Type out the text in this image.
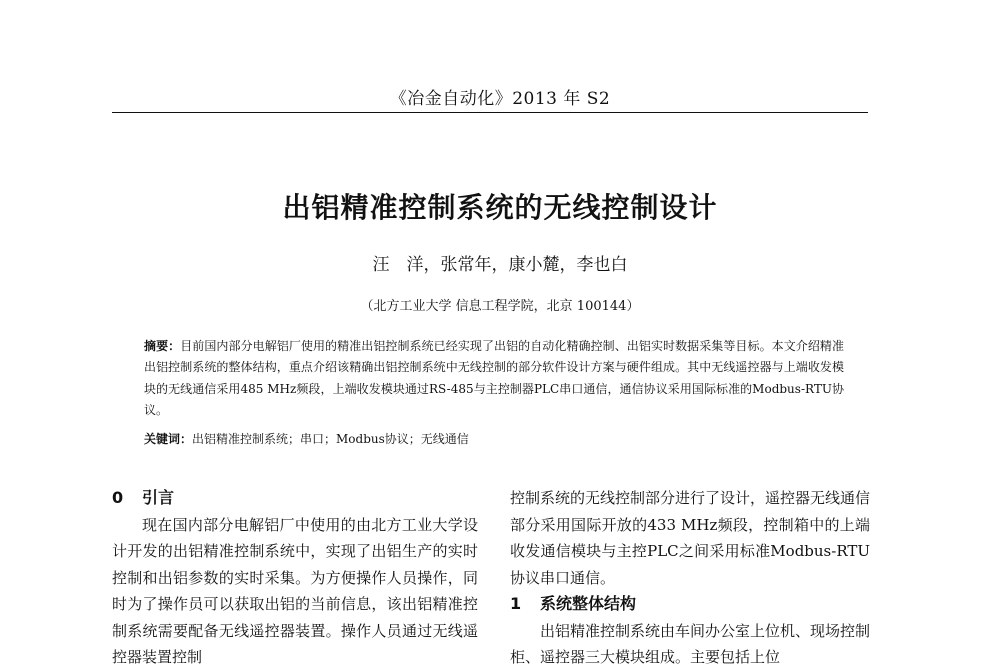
《冶金自动化》2013 年 S2
出铝精准控制系统的无线控制设计
汪　洋，张常年，康小麓，李也白
（北方工业大学 信息工程学院，北京 100144）
摘要：目前国内部分电解铝厂使用的精准出铝控制系统已经实现了出铝的自动化精确控制、出铝实时数据采集等目标。本文介绍精准出铝控制系统的整体结构，重点介绍该精确出铝控制系统中无线控制的部分软件设计方案与硬件组成。其中无线遥控器与上端收发模块的无线通信采用485 MHz频段，上端收发模块通过RS-485与主控制器PLC串口通信，通信协议采用国际标准的Modbus-RTU协议。
关键词：出铝精准控制系统；串口；Modbus协议；无线通信

0 引言

现在国内部分电解铝厂中使用的由北方工业大学设计开发的出铝精准控制系统中，实现了出铝生产的实时控制和出铝参数的实时采集。为方便操作人员操作，同时为了操作员可以获取出铝的当前信息，该出铝精准控制系统需要配备无线遥控器装置。操作人员通过无线遥控器装置控制

控制系统的无线控制部分进行了设计，遥控器无线通信部分采用国际开放的433 MHz频段，控制箱中的上端收发通信模块与主控PLC之间采用标准Modbus-RTU协议串口通信。

1 系统整体结构

出铝精准控制系统由车间办公室上位机、现场控制柜、遥控器三大模块组成。主要包括上位
